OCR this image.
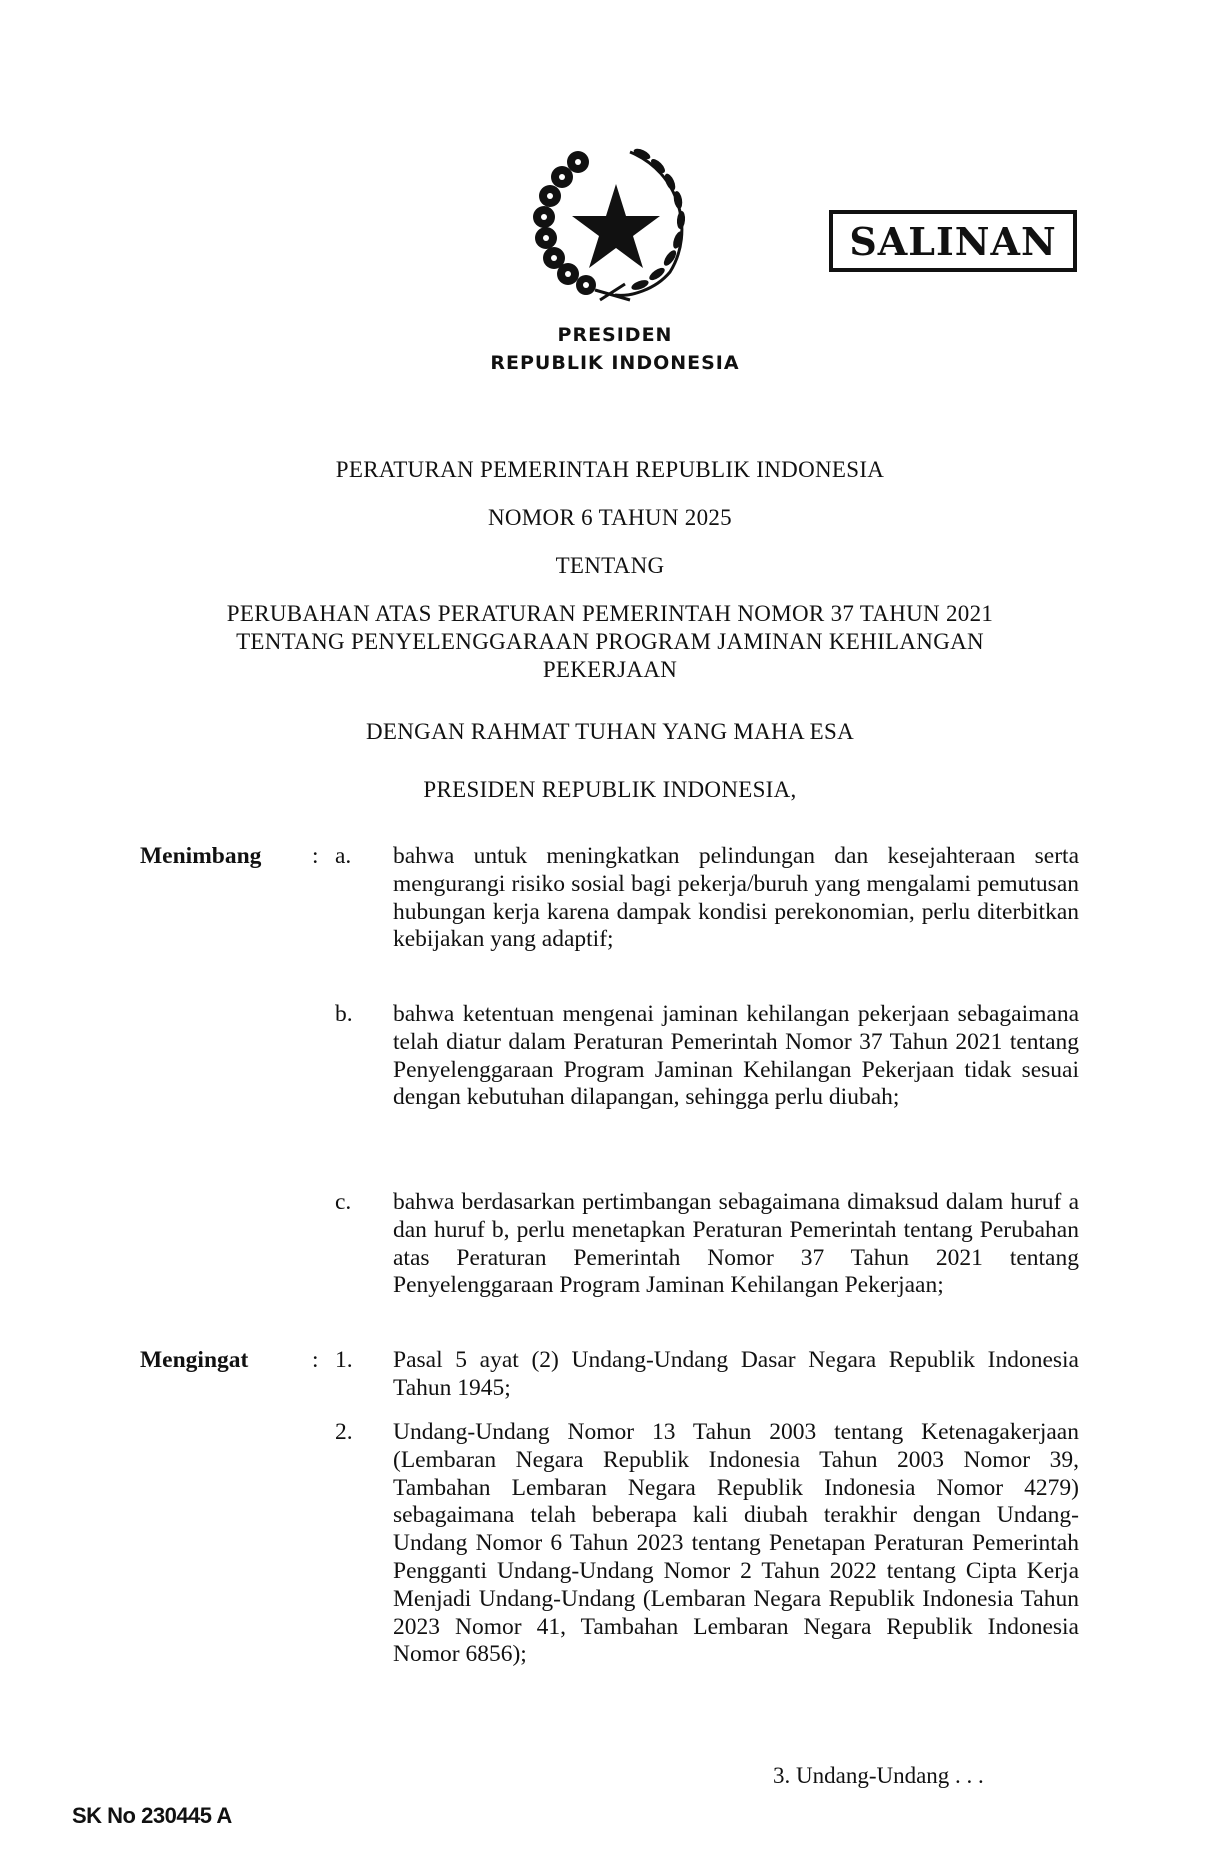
PRESIDEN
REPUBLIK INDONESIA
SALINAN
PERATURAN PEMERINTAH REPUBLIK INDONESIA
NOMOR 6 TAHUN 2025
TENTANG
PERUBAHAN ATAS PERATURAN PEMERINTAH NOMOR 37 TAHUN 2021
TENTANG PENYELENGGARAAN PROGRAM JAMINAN KEHILANGAN
PEKERJAAN
DENGAN RAHMAT TUHAN YANG MAHA ESA
PRESIDEN REPUBLIK INDONESIA,
Menimbang : a. bahwa untuk meningkatkan pelindungan dan kesejahteraan serta mengurangi risiko sosial bagi pekerja/buruh yang mengalami pemutusan hubungan kerja karena dampak kondisi perekonomian, perlu diterbitkan kebijakan yang adaptif;
b. bahwa ketentuan mengenai jaminan kehilangan pekerjaan sebagaimana telah diatur dalam Peraturan Pemerintah Nomor 37 Tahun 2021 tentang Penyelenggaraan Program Jaminan Kehilangan Pekerjaan tidak sesuai dengan kebutuhan dilapangan, sehingga perlu diubah;
c. bahwa berdasarkan pertimbangan sebagaimana dimaksud dalam huruf a dan huruf b, perlu menetapkan Peraturan Pemerintah tentang Perubahan atas Peraturan Pemerintah Nomor 37 Tahun 2021 tentang Penyelenggaraan Program Jaminan Kehilangan Pekerjaan;
Mengingat	: 1. Pasal 5 ayat (2) Undang-Undang Dasar Negara Republik Indonesia Tahun 1945;
2. Undang-Undang Nomor 13 Tahun 2003 tentang Ketenagakerjaan (Lembaran Negara Republik Indonesia Tahun 2003 Nomor 39, Tambahan Lembaran Negara Republik Indonesia Nomor 4279) sebagaimana telah beberapa kali diubah terakhir dengan Undang-Undang Nomor 6 Tahun 2023 tentang Penetapan Peraturan Pemerintah Pengganti Undang-Undang Nomor 2 Tahun 2022 tentang Cipta Kerja Menjadi Undang-Undang (Lembaran Negara Republik Indonesia Tahun 2023 Nomor 41, Tambahan Lembaran Negara Republik Indonesia Nomor 6856);
3. Undang-Undang . . .
SK No 230445 A
